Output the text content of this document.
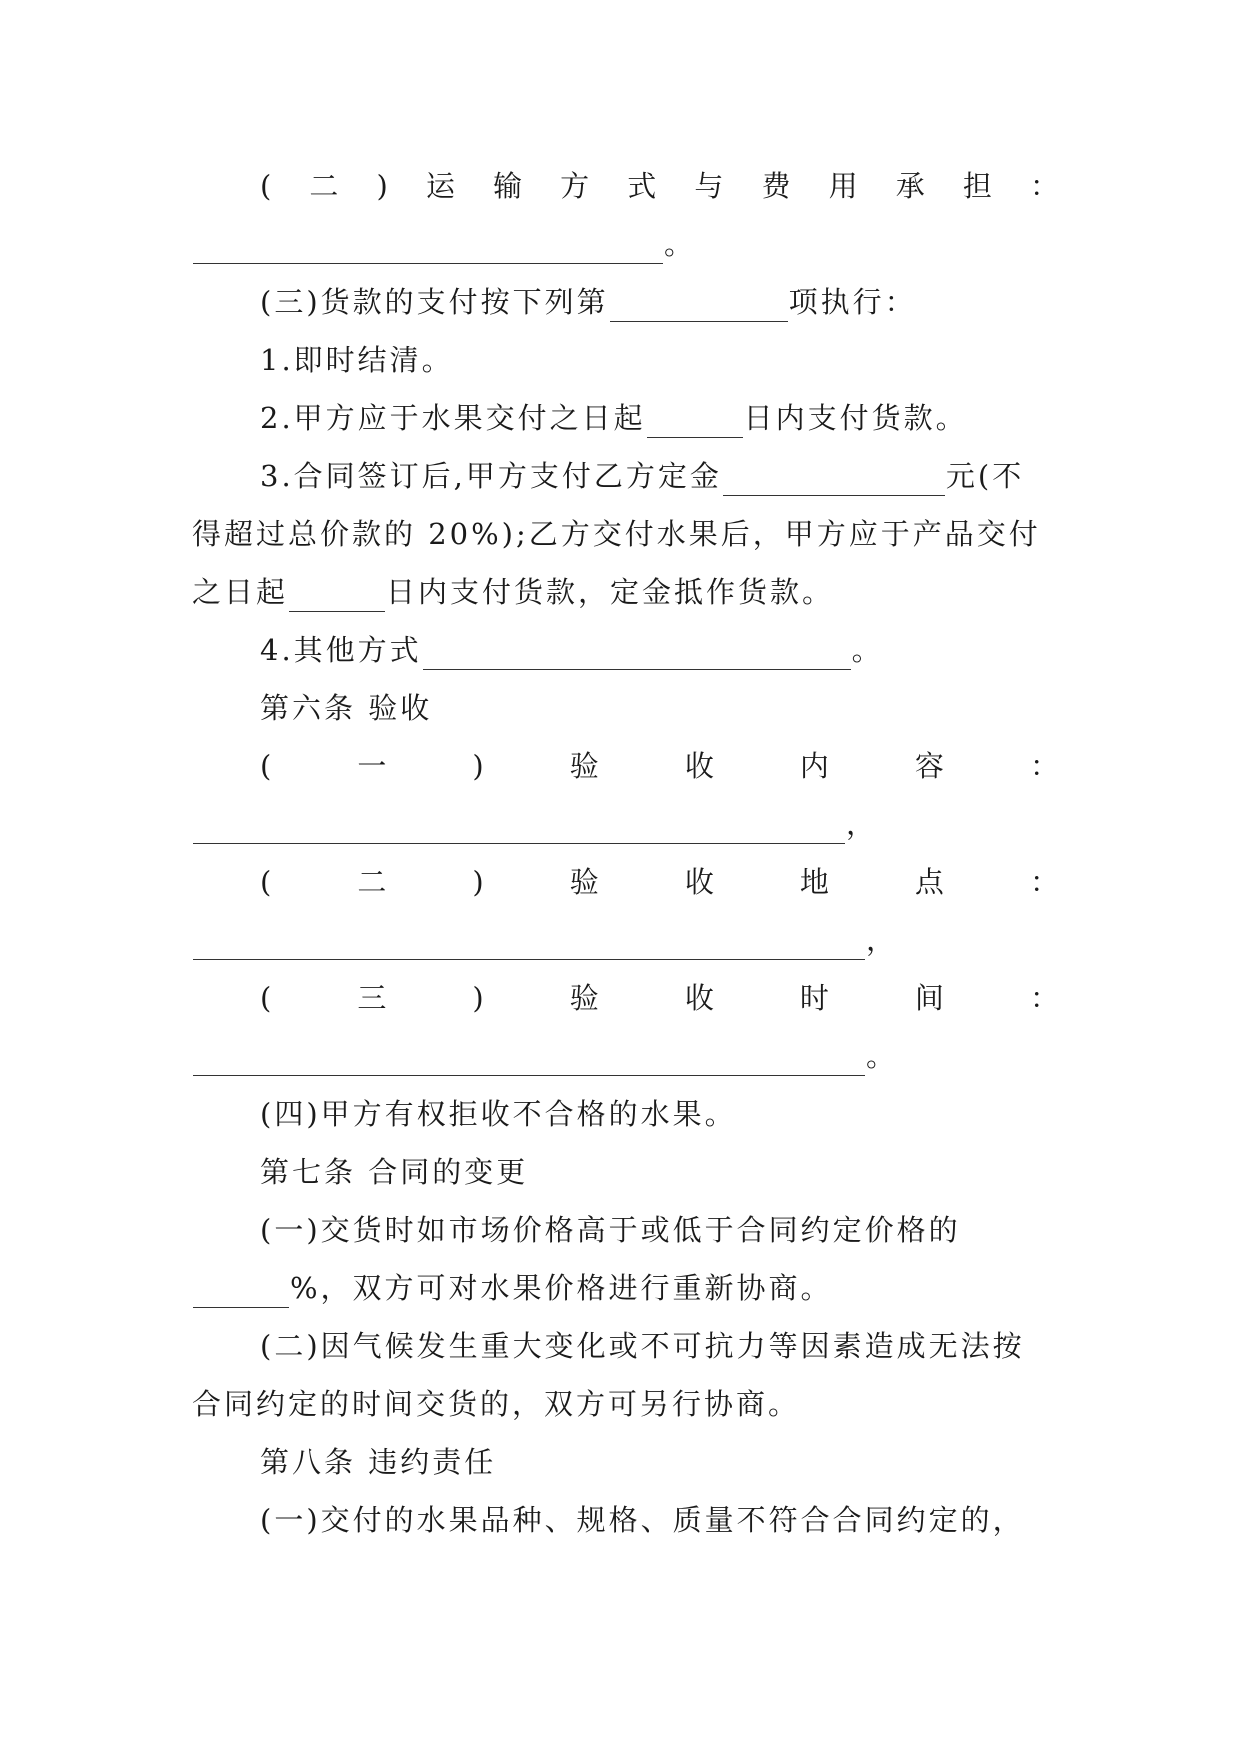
( 二 ) 运 输 方 式 与 费 用 承 担 ：
。
(三)货款的支付按下列第	项执行：
1.即时结清。
2.甲方应于水果交付之日起	日内支付货款。
3.合同签订后,甲方支付乙方定金	元(不
得超过总价款的 20%);乙方交付水果后，甲方应于产品交付
之日起	日内支付货款，定金抵作货款。
4.其他方式	。
第六条 验收
(	一	)	验	收	内	容	：
，
(	二	)	验	收	地	点	：
，
(	三	)	验	收	时	间	：
。
(四)甲方有权拒收不合格的水果。
第七条 合同的变更
(一)交货时如市场价格高于或低于合同约定价格的
%，双方可对水果价格进行重新协商。
(二)因气候发生重大变化或不可抗力等因素造成无法按
合同约定的时间交货的，双方可另行协商。
第八条 违约责任
(一)交付的水果品种、规格、质量不符合合同约定的，
